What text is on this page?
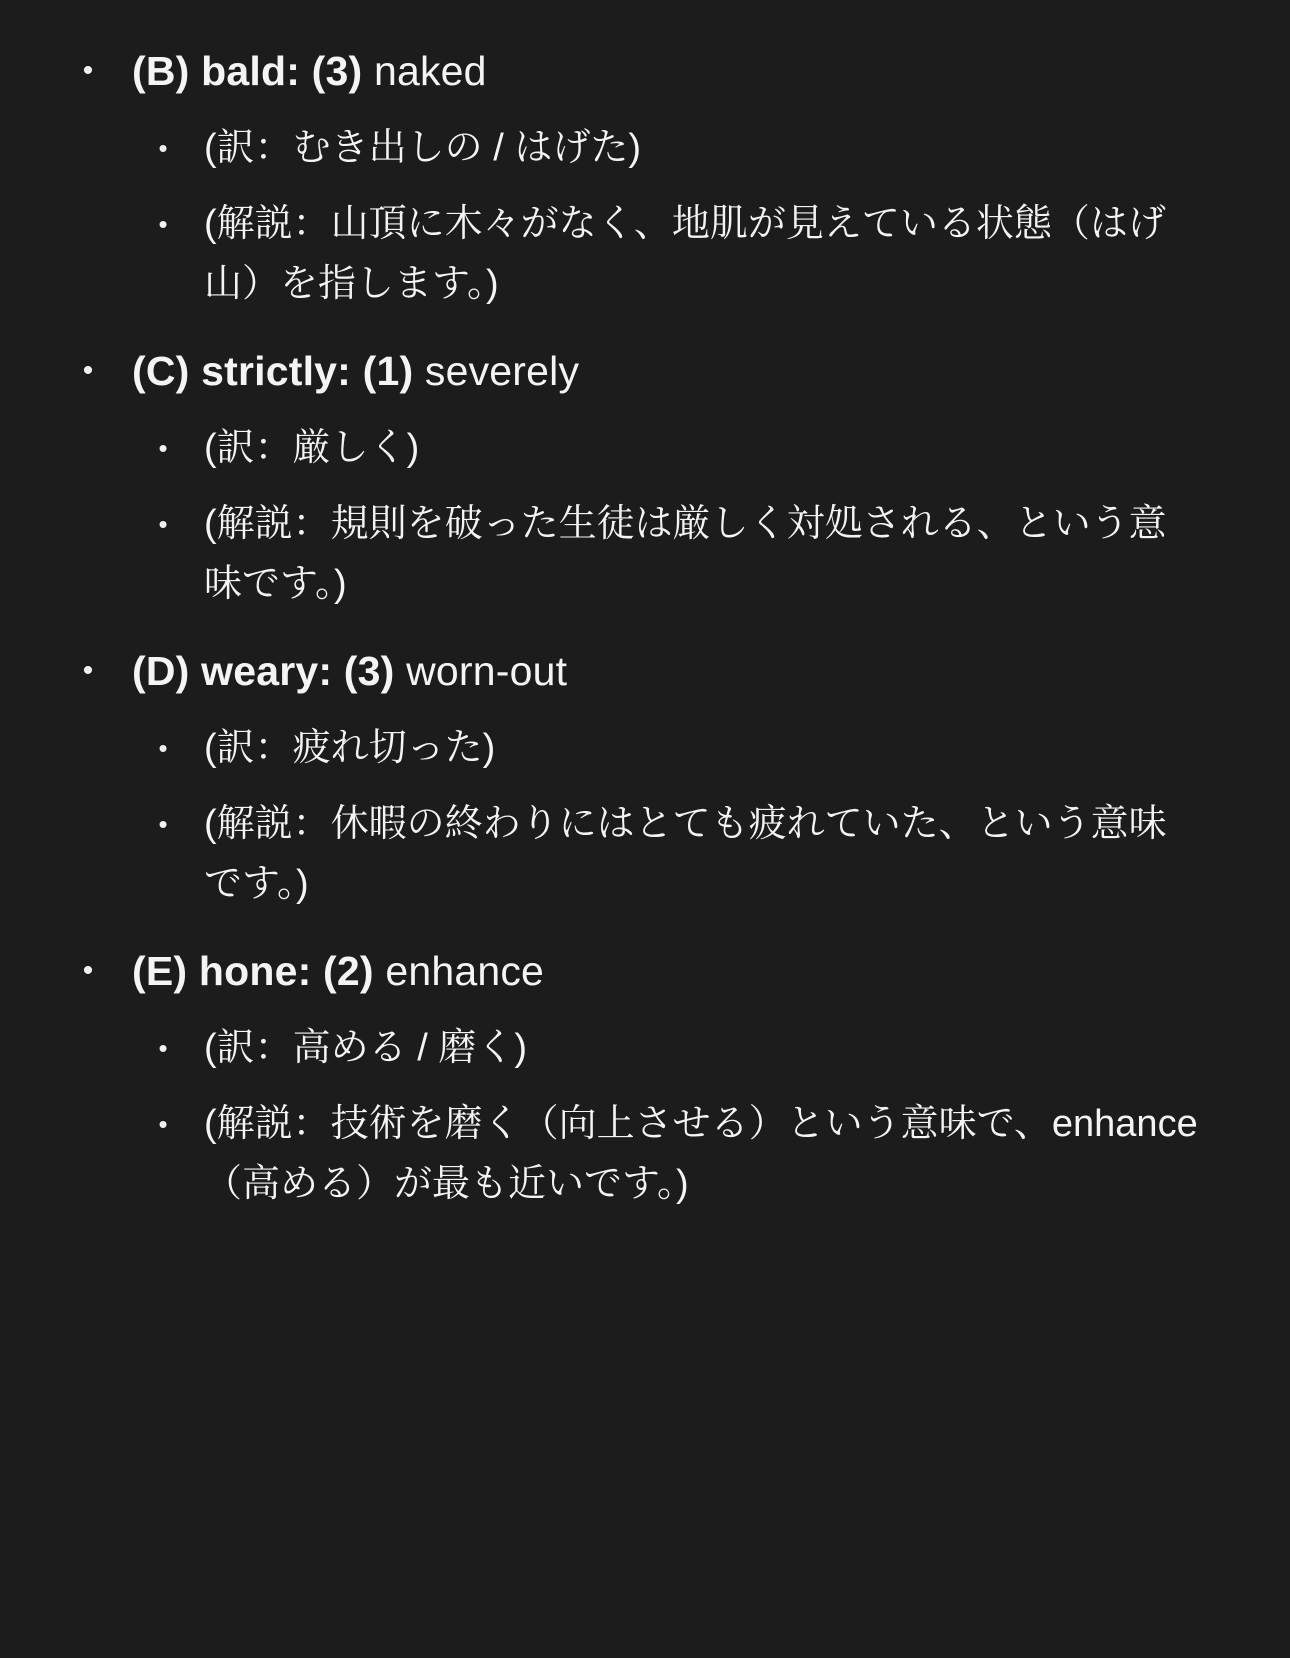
• (B) bald: (3) naked
• (訳：むき出しの / はげた)
• (解説：山頂に木々がなく、地肌が見えている状態（はげ山）を指します。)
• (C) strictly: (1) severely
• (訳：厳しく)
• (解説：規則を破った生徒は厳しく対処される、という意味です。)
• (D) weary: (3) worn-out
• (訳：疲れ切った)
• (解説：休暇の終わりにはとても疲れていた、という意味です。)
• (E) hone: (2) enhance
• (訳：高める / 磨く)
• (解説：技術を磨く（向上させる）という意味で、enhance（高める）が最も近いです。)
